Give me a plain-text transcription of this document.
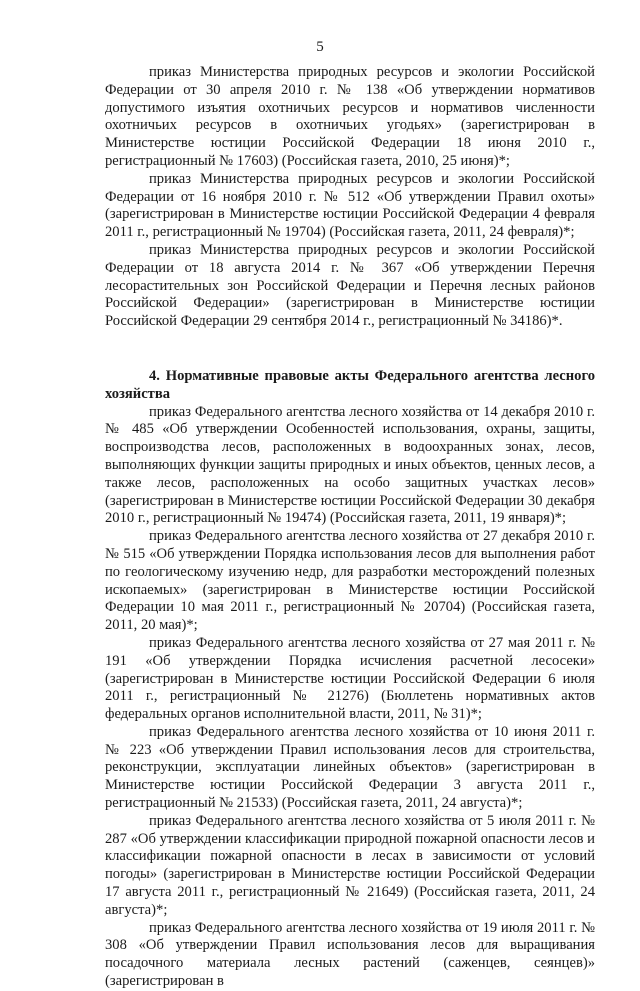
5

приказ Министерства природных ресурсов и экологии Российской Федерации от 30 апреля 2010 г. № 138 «Об утверждении нормативов допустимого изъятия охотничьих ресурсов и нормативов численности охотничьих ресурсов в охотничьих угодьях» (зарегистрирован в Министерстве юстиции Российской Федерации 18 июня 2010 г., регистрационный № 17603) (Российская газета, 2010, 25 июня)*;

приказ Министерства природных ресурсов и экологии Российской Федерации от 16 ноября 2010 г. № 512 «Об утверждении Правил охоты» (зарегистрирован в Министерстве юстиции Российской Федерации 4 февраля 2011 г., регистрационный № 19704) (Российская газета, 2011, 24 февраля)*;

приказ Министерства природных ресурсов и экологии Российской Федерации от 18 августа 2014 г. № 367 «Об утверждении Перечня лесорастительных зон Российской Федерации и Перечня лесных районов Российской Федерации» (зарегистрирован в Министерстве юстиции Российской Федерации 29 сентября 2014 г., регистрационный № 34186)*.

4. Нормативные правовые акты Федерального агентства лесного хозяйства

приказ Федерального агентства лесного хозяйства от 14 декабря 2010 г. № 485 «Об утверждении Особенностей использования, охраны, защиты, воспроизводства лесов, расположенных в водоохранных зонах, лесов, выполняющих функции защиты природных и иных объектов, ценных лесов, а также лесов, расположенных на особо защитных участках лесов» (зарегистрирован в Министерстве юстиции Российской Федерации 30 декабря 2010 г., регистрационный № 19474) (Российская газета, 2011, 19 января)*;

приказ Федерального агентства лесного хозяйства от 27 декабря 2010 г. № 515 «Об утверждении Порядка использования лесов для выполнения работ по геологическому изучению недр, для разработки месторождений полезных ископаемых» (зарегистрирован в Министерстве юстиции Российской Федерации 10 мая 2011 г., регистрационный № 20704) (Российская газета, 2011, 20 мая)*;

приказ Федерального агентства лесного хозяйства от 27 мая 2011 г. № 191 «Об утверждении Порядка исчисления расчетной лесосеки» (зарегистрирован в Министерстве юстиции Российской Федерации 6 июля 2011 г., регистрационный № 21276) (Бюллетень нормативных актов федеральных органов исполнительной власти, 2011, № 31)*;

приказ Федерального агентства лесного хозяйства от 10 июня 2011 г. № 223 «Об утверждении Правил использования лесов для строительства, реконструкции, эксплуатации линейных объектов» (зарегистрирован в Министерстве юстиции Российской Федерации 3 августа 2011 г., регистрационный № 21533) (Российская газета, 2011, 24 августа)*;

приказ Федерального агентства лесного хозяйства от 5 июля 2011 г. № 287 «Об утверждении классификации природной пожарной опасности лесов и классификации пожарной опасности в лесах в зависимости от условий погоды» (зарегистрирован в Министерстве юстиции Российской Федерации 17 августа 2011 г., регистрационный № 21649) (Российская газета, 2011, 24 августа)*;

приказ Федерального агентства лесного хозяйства от 19 июля 2011 г. № 308 «Об утверждении Правил использования лесов для выращивания посадочного материала лесных растений (саженцев, сеянцев)» (зарегистрирован в
